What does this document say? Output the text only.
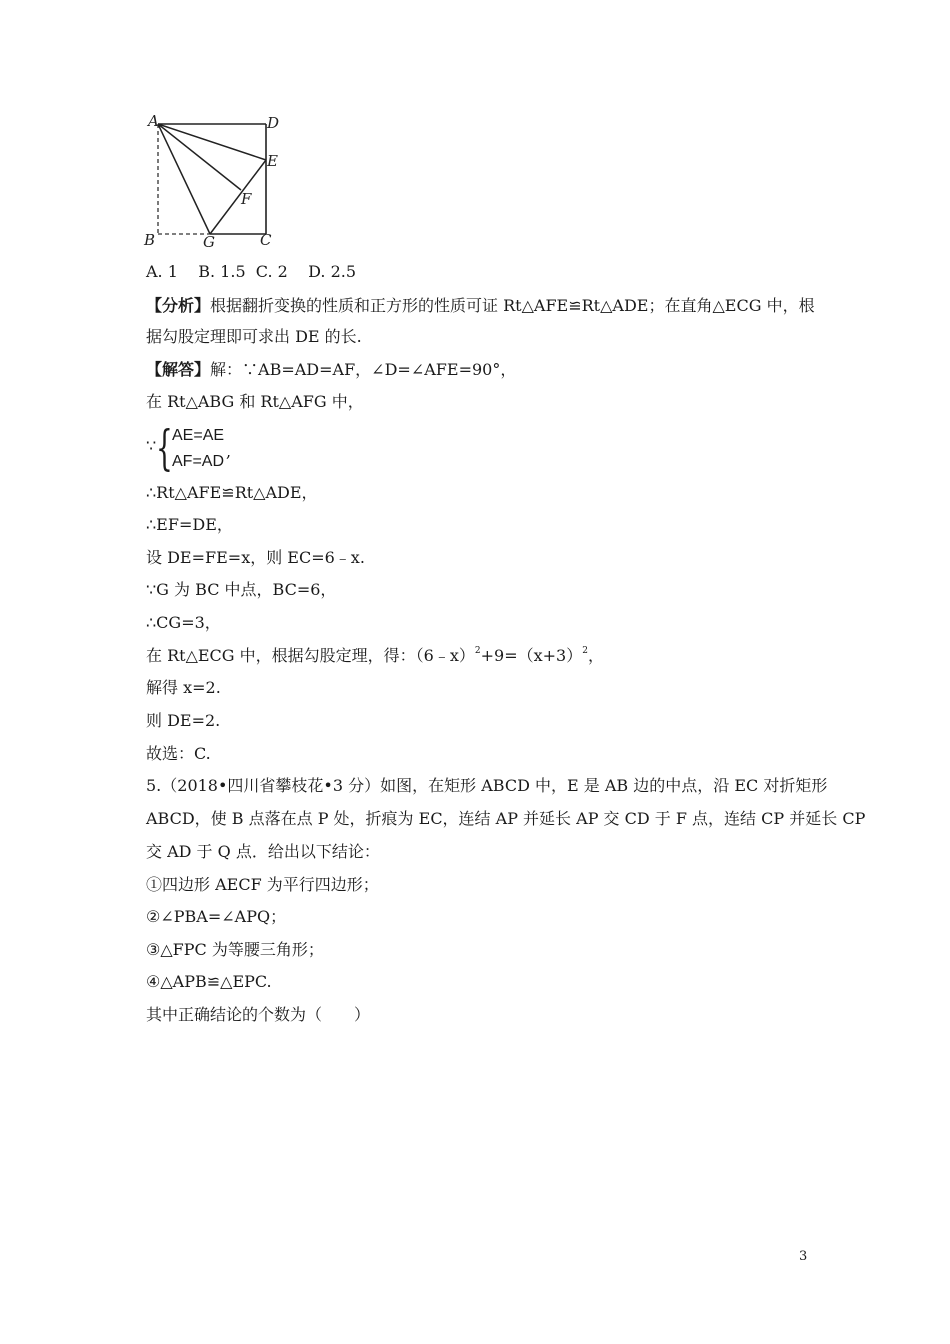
A	D
E
F
B	G	C
A. 1    B. 1.5  C. 2    D. 2.5
【分析】根据翻折变换的性质和正方形的性质可证 Rt△AFE≌Rt△ADE；在直角△ECG 中，根
据勾股定理即可求出 DE 的长.
【解答】解：∵AB=AD=AF，∠D=∠AFE=90°，
在 Rt△ABG 和 Rt△AFG 中，
∵ { AE=AE
AF=AD
,
∴Rt△AFE≌Rt△ADE，
∴EF=DE，
设 DE=FE=x，则 EC=6﹣x.
∵G 为 BC 中点，BC=6，
∴CG=3，
在 Rt△ECG 中，根据勾股定理，得：$(6﹣x)^2+9=(x+3)^2$，
解得 x=2.
则 DE=2.
故选：C.
5.（2018•四川省攀枝花•3 分）如图，在矩形 ABCD 中，E 是 AB 边的中点，沿 EC 对折矩形
ABCD，使 B 点落在点 P 处，折痕为 EC，连结 AP 并延长 AP 交 CD 于 F 点，连结 CP 并延长 CP
交 AD 于 Q 点．给出以下结论：
①四边形 AECF 为平行四边形；
②∠PBA=∠APQ；
③△FPC 为等腰三角形；
④△APB≌△EPC.
其中正确结论的个数为（　　）
3
